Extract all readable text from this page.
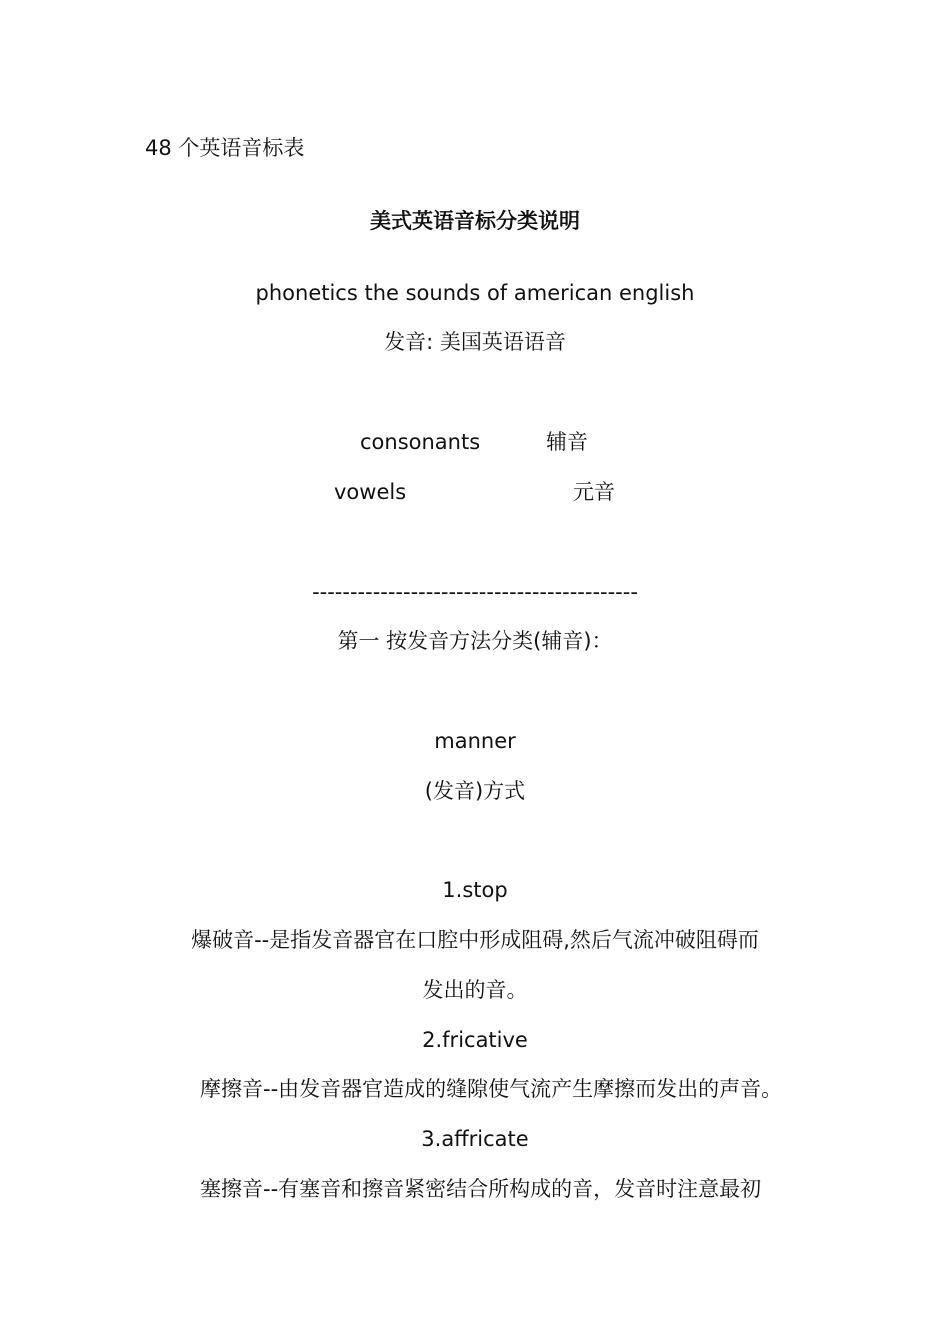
48 个英语音标表
美式英语音标分类说明
phonetics the sounds of american english
发音: 美国英语语音
consonants	辅音
vowels	元音
-------------------------------------------
第一 按发音方法分类(辅音)：
manner
(发音)方式
1.stop
爆破音--是指发音器官在口腔中形成阻碍,然后气流冲破阻碍而
发出的音。
2.fricative
摩擦音--由发音器官造成的缝隙使气流产生摩擦而发出的声音。
3.affricate
塞擦音--有塞音和擦音紧密结合所构成的音，发音时注意最初
